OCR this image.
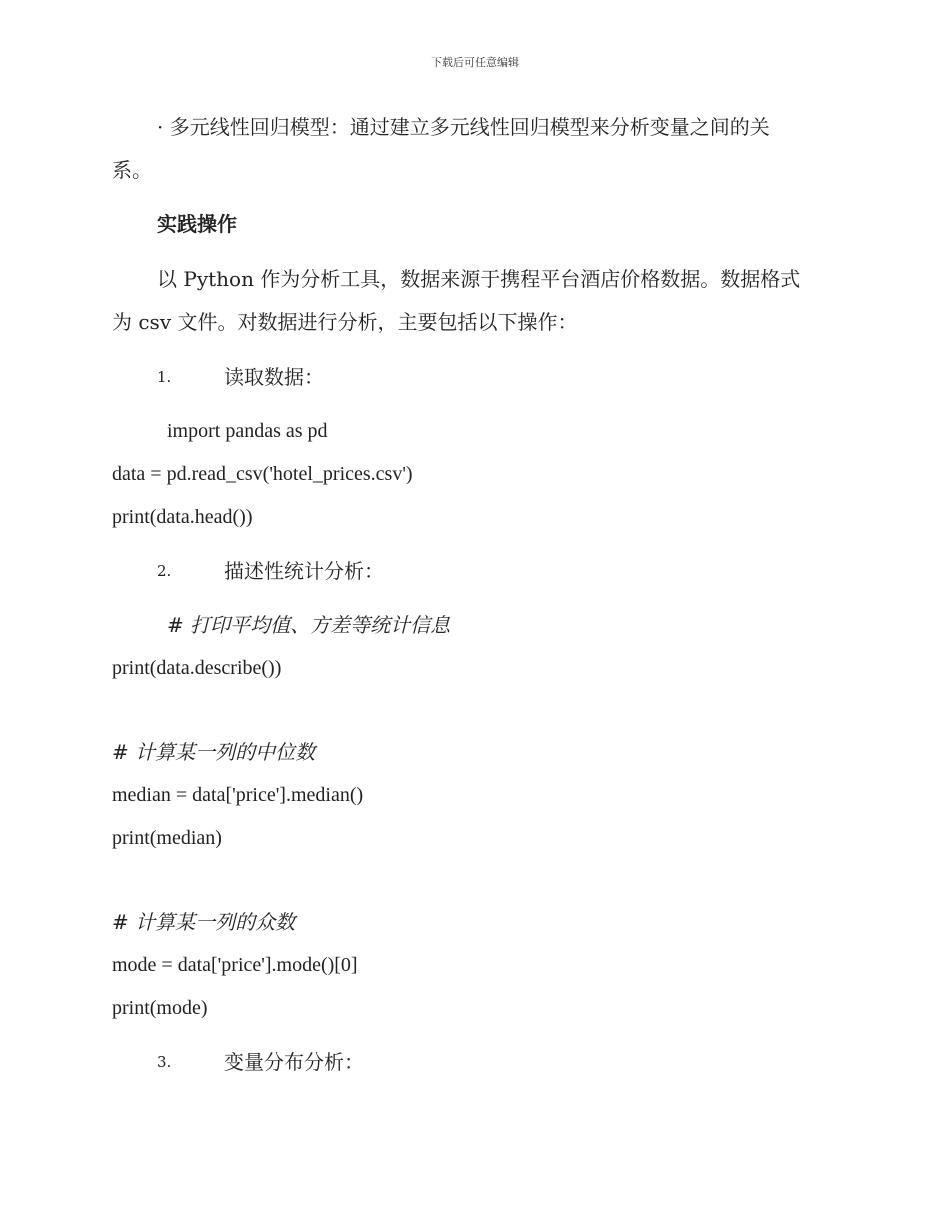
下载后可任意编辑
· 多元线性回归模型：通过建立多元线性回归模型来分析变量之间的关
系。
实践操作
以 Python 作为分析工具，数据来源于携程平台酒店价格数据。数据格式
为 csv 文件。对数据进行分析，主要包括以下操作：
1.	读取数据：
import pandas as pd
data = pd.read_csv('hotel_prices.csv')
print(data.head())
2.	描述性统计分析：
# 打印平均值、方差等统计信息
print(data.describe())
# 计算某一列的中位数
median = data['price'].median()
print(median)
# 计算某一列的众数
mode = data['price'].mode()[0]
print(mode)
3.	变量分布分析：
